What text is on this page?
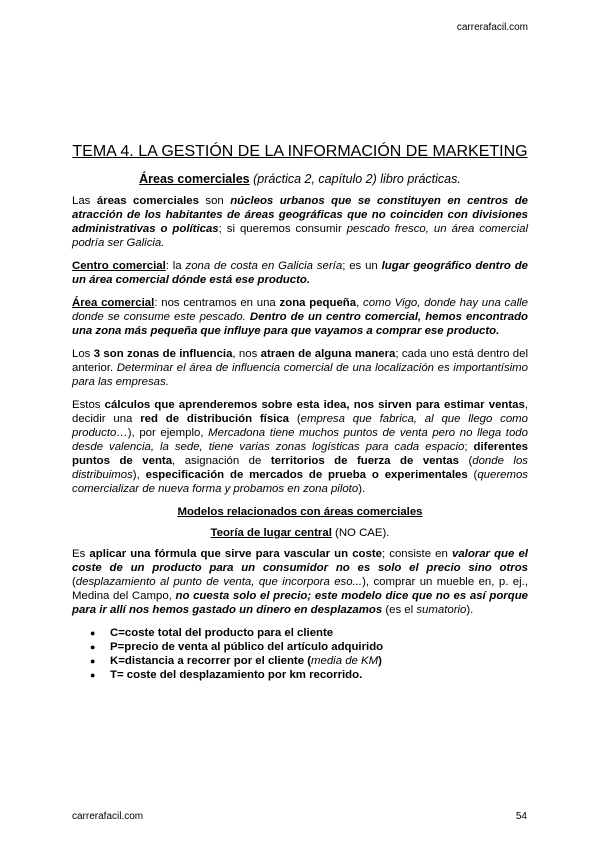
carrerafacil.com
TEMA 4. LA GESTIÓN DE LA INFORMACIÓN DE MARKETING
Áreas comerciales (práctica 2, capítulo 2) libro prácticas.

Las áreas comerciales son núcleos urbanos que se constituyen en centros de atracción de los habitantes de áreas geográficas que no coinciden con divisiones administrativas o políticas; si queremos consumir pescado fresco, un área comercial podría ser Galicia.

Centro comercial: la zona de costa en Galicia sería; es un lugar geográfico dentro de un área comercial dónde está ese producto.

Área comercial: nos centramos en una zona pequeña, como Vigo, donde hay una calle donde se consume este pescado. Dentro de un centro comercial, hemos encontrado una zona más pequeña que influye para que vayamos a comprar ese producto.

Los 3 son zonas de influencia, nos atraen de alguna manera; cada uno está dentro del anterior. Determinar el área de influencia comercial de una localización es importantísimo para las empresas.

Estos cálculos que aprenderemos sobre esta idea, nos sirven para estimar ventas, decidir una red de distribución física (empresa que fabrica, al que llego como producto…), por ejemplo, Mercadona tiene muchos puntos de venta pero no llega todo desde valencia, la sede, tiene varias zonas logísticas para cada espacio; diferentes puntos de venta, asignación de territorios de fuerza de ventas (donde los distribuimos), especificación de mercados de prueba o experimentales (queremos comercializar de nueva forma y probamos en zona piloto).

Modelos relacionados con áreas comerciales
Teoría de lugar central (NO CAE).

Es aplicar una fórmula que sirve para vascular un coste; consiste en valorar que el coste de un producto para un consumidor no es solo el precio sino otros (desplazamiento al punto de venta, que incorpora eso...), comprar un mueble en, p. ej., Medina del Campo, no cuesta solo el precio; este modelo dice que no es así porque para ir allí nos hemos gastado un dinero en desplazamos (es el sumatorio).

● C=coste total del producto para el cliente
● P=precio de venta al público del artículo adquirido
● K=distancia a recorrer por el cliente (media de KM)
● T= coste del desplazamiento por km recorrido.
carrerafacil.com	54
